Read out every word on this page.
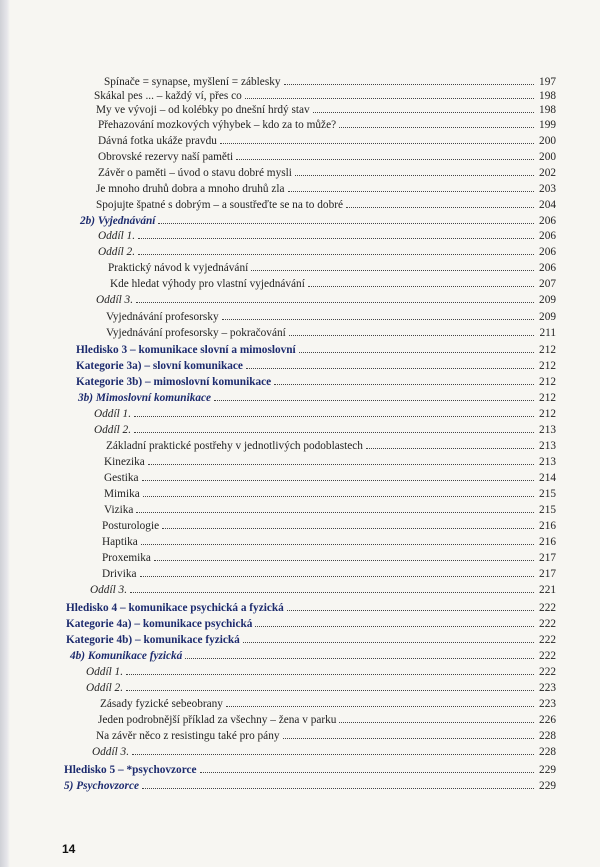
Spínače = synapse, myšlení = záblesky	197
Skákal pes ... – každý ví, přes co	198
My ve vývoji – od kolébky po dnešní hrdý stav	198
Přehazování mozkových výhybek – kdo za to může?	199
Dávná fotka ukáže pravdu	200
Obrovské rezervy naší paměti	200
Závěr o paměti – úvod o stavu dobré mysli	202
Je mnoho druhů dobra a mnoho druhů zla	203
Spojujte špatné s dobrým – a soustřeďte se na to dobré	204
2b) Vyjednávání	206
Oddíl 1.	206
Oddíl 2.	206
Praktický návod k vyjednávání	206
Kde hledat výhody pro vlastní vyjednávání	207
Oddíl 3.	209
Vyjednávání profesorsky	209
Vyjednávání profesorsky – pokračování	211
Hledisko 3 – komunikace slovní a mimoslovní	212
Kategorie 3a) – slovní komunikace	212
Kategorie 3b) – mimoslovní komunikace	212
3b) Mimoslovní komunikace	212
Oddíl 1.	212
Oddíl 2.	213
Základní praktické postřehy v jednotlivých podoblastech	213
Kinezika	213
Gestika	214
Mimika	215
Vizika	215
Posturologie	216
Haptika	216
Proxemika	217
Drivika	217
Oddíl 3.	221
Hledisko 4 – komunikace psychická a fyzická	222
Kategorie 4a) – komunikace psychická	222
Kategorie 4b) – komunikace fyzická	222
4b) Komunikace fyzická	222
Oddíl 1.	222
Oddíl 2.	223
Zásady fyzické sebeobrany	223
Jeden podrobnější příklad za všechny – žena v parku	226
Na závěr něco z resistingu také pro pány	228
Oddíl 3.	228
Hledisko 5 – *psychovzorce	229
5) Psychovzorce	229
14
